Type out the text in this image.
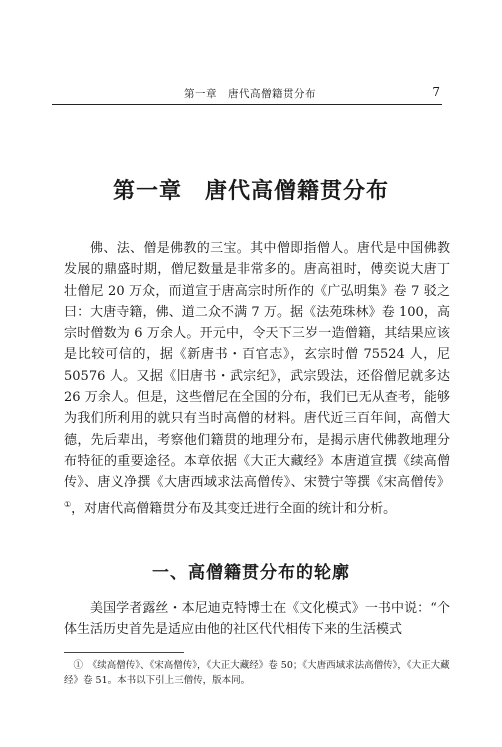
第一章　唐代高僧籍贯分布	7
第一章　唐代高僧籍贯分布

佛、法、僧是佛教的三宝。其中僧即指僧人。唐代是中国佛教发展的鼎盛时期，僧尼数量是非常多的。唐高祖时，傅奕说大唐丁壮僧尼 20 万众，而道宣于唐高宗时所作的《广弘明集》卷 7 驳之曰：大唐寺籍，佛、道二众不满 7 万。据《法苑珠林》卷 100，高宗时僧数为 6 万余人。开元中，令天下三岁一造僧籍，其结果应该是比较可信的，据《新唐书・百官志》，玄宗时僧 75524 人，尼 50576 人。又据《旧唐书・武宗纪》，武宗毁法，还俗僧尼就多达 26 万余人。但是，这些僧尼在全国的分布，我们已无从查考，能够为我们所利用的就只有当时高僧的材料。唐代近三百年间，高僧大德，先后辈出，考察他们籍贯的地理分布，是揭示唐代佛教地理分布特征的重要途径。本章依据《大正大藏经》本唐道宣撰《续高僧传》、唐义净撰《大唐西域求法高僧传》、宋赞宁等撰《宋高僧传》①，对唐代高僧籍贯分布及其变迁进行全面的统计和分析。

一、高僧籍贯分布的轮廓

美国学者露丝・本尼迪克特博士在《文化模式》一书中说：“个体生活历史首先是适应由他的社区代代相传下来的生活模式

①　《续高僧传》、《宋高僧传》，《大正大藏经》卷 50；《大唐西域求法高僧传》，《大正大藏经》卷 51。本书以下引上三僧传，版本同。
